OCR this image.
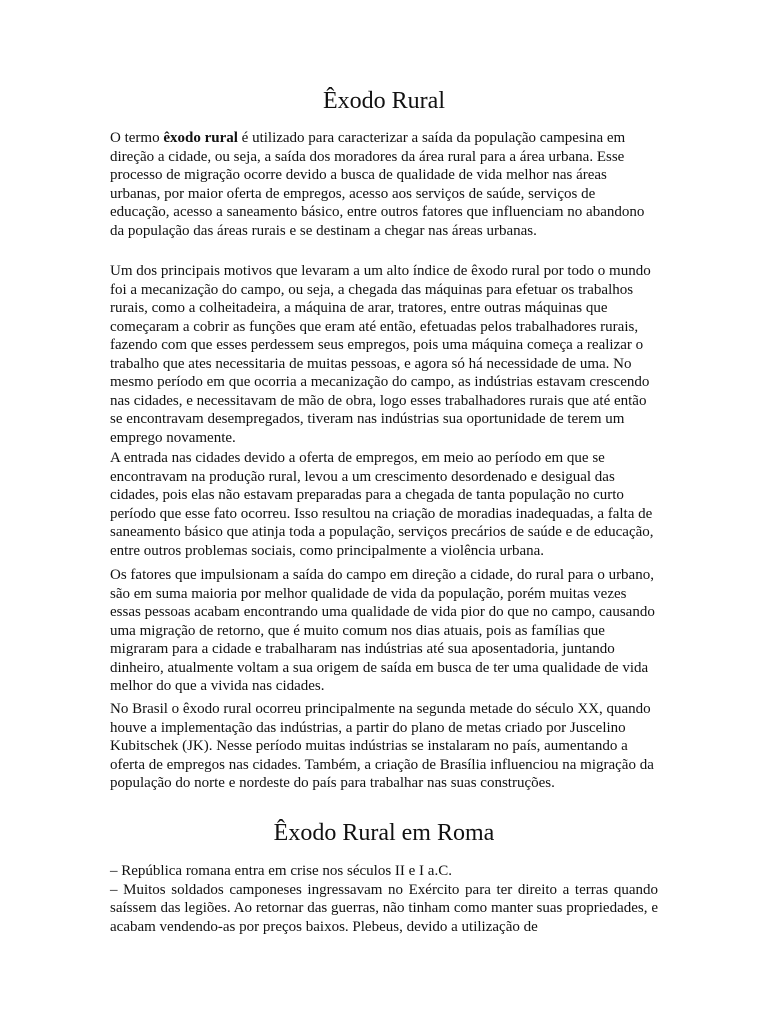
Êxodo Rural

O termo êxodo rural é utilizado para caracterizar a saída da população campesina em direção a cidade, ou seja, a saída dos moradores da área rural para a área urbana. Esse processo de migração ocorre devido a busca de qualidade de vida melhor nas áreas urbanas, por maior oferta de empregos, acesso aos serviços de saúde, serviços de educação, acesso a saneamento básico, entre outros fatores que influenciam no abandono da população das áreas rurais e se destinam a chegar nas áreas urbanas.

Um dos principais motivos que levaram a um alto índice de êxodo rural por todo o mundo foi a mecanização do campo, ou seja, a chegada das máquinas para efetuar os trabalhos rurais, como a colheitadeira, a máquina de arar, tratores, entre outras máquinas que começaram a cobrir as funções que eram até então, efetuadas pelos trabalhadores rurais, fazendo com que esses perdessem seus empregos, pois uma máquina começa a realizar o trabalho que ates necessitaria de muitas pessoas, e agora só há necessidade de uma. No mesmo período em que ocorria a mecanização do campo, as indústrias estavam crescendo nas cidades, e necessitavam de mão de obra, logo esses trabalhadores rurais que até então se encontravam desempregados, tiveram nas indústrias sua oportunidade de terem um emprego novamente.

A entrada nas cidades devido a oferta de empregos, em meio ao período em que se encontravam na produção rural, levou a um crescimento desordenado e desigual das cidades, pois elas não estavam preparadas para a chegada de tanta população no curto período que esse fato ocorreu. Isso resultou na criação de moradias inadequadas, a falta de saneamento básico que atinja toda a população, serviços precários de saúde e de educação, entre outros problemas sociais, como principalmente a violência urbana.

Os fatores que impulsionam a saída do campo em direção a cidade, do rural para o urbano, são em suma maioria por melhor qualidade de vida da população, porém muitas vezes essas pessoas acabam encontrando uma qualidade de vida pior do que no campo, causando uma migração de retorno, que é muito comum nos dias atuais, pois as famílias que migraram para a cidade e trabalharam nas indústrias até sua aposentadoria, juntando dinheiro, atualmente voltam a sua origem de saída em busca de ter uma qualidade de vida melhor do que a vivida nas cidades.

No Brasil o êxodo rural ocorreu principalmente na segunda metade do século XX, quando houve a implementação das indústrias, a partir do plano de metas criado por Juscelino Kubitschek (JK). Nesse período muitas indústrias se instalaram no país, aumentando a oferta de empregos nas cidades. Também, a criação de Brasília influenciou na migração da população do norte e nordeste do país para trabalhar nas suas construções.

Êxodo Rural em Roma
– República romana entra em crise nos séculos II e I a.C.
– Muitos soldados camponeses ingressavam no Exército para ter direito a terras quando saíssem das legiões. Ao retornar das guerras, não tinham como manter suas propriedades, e acabam vendendo-as por preços baixos. Plebeus, devido a utilização de
